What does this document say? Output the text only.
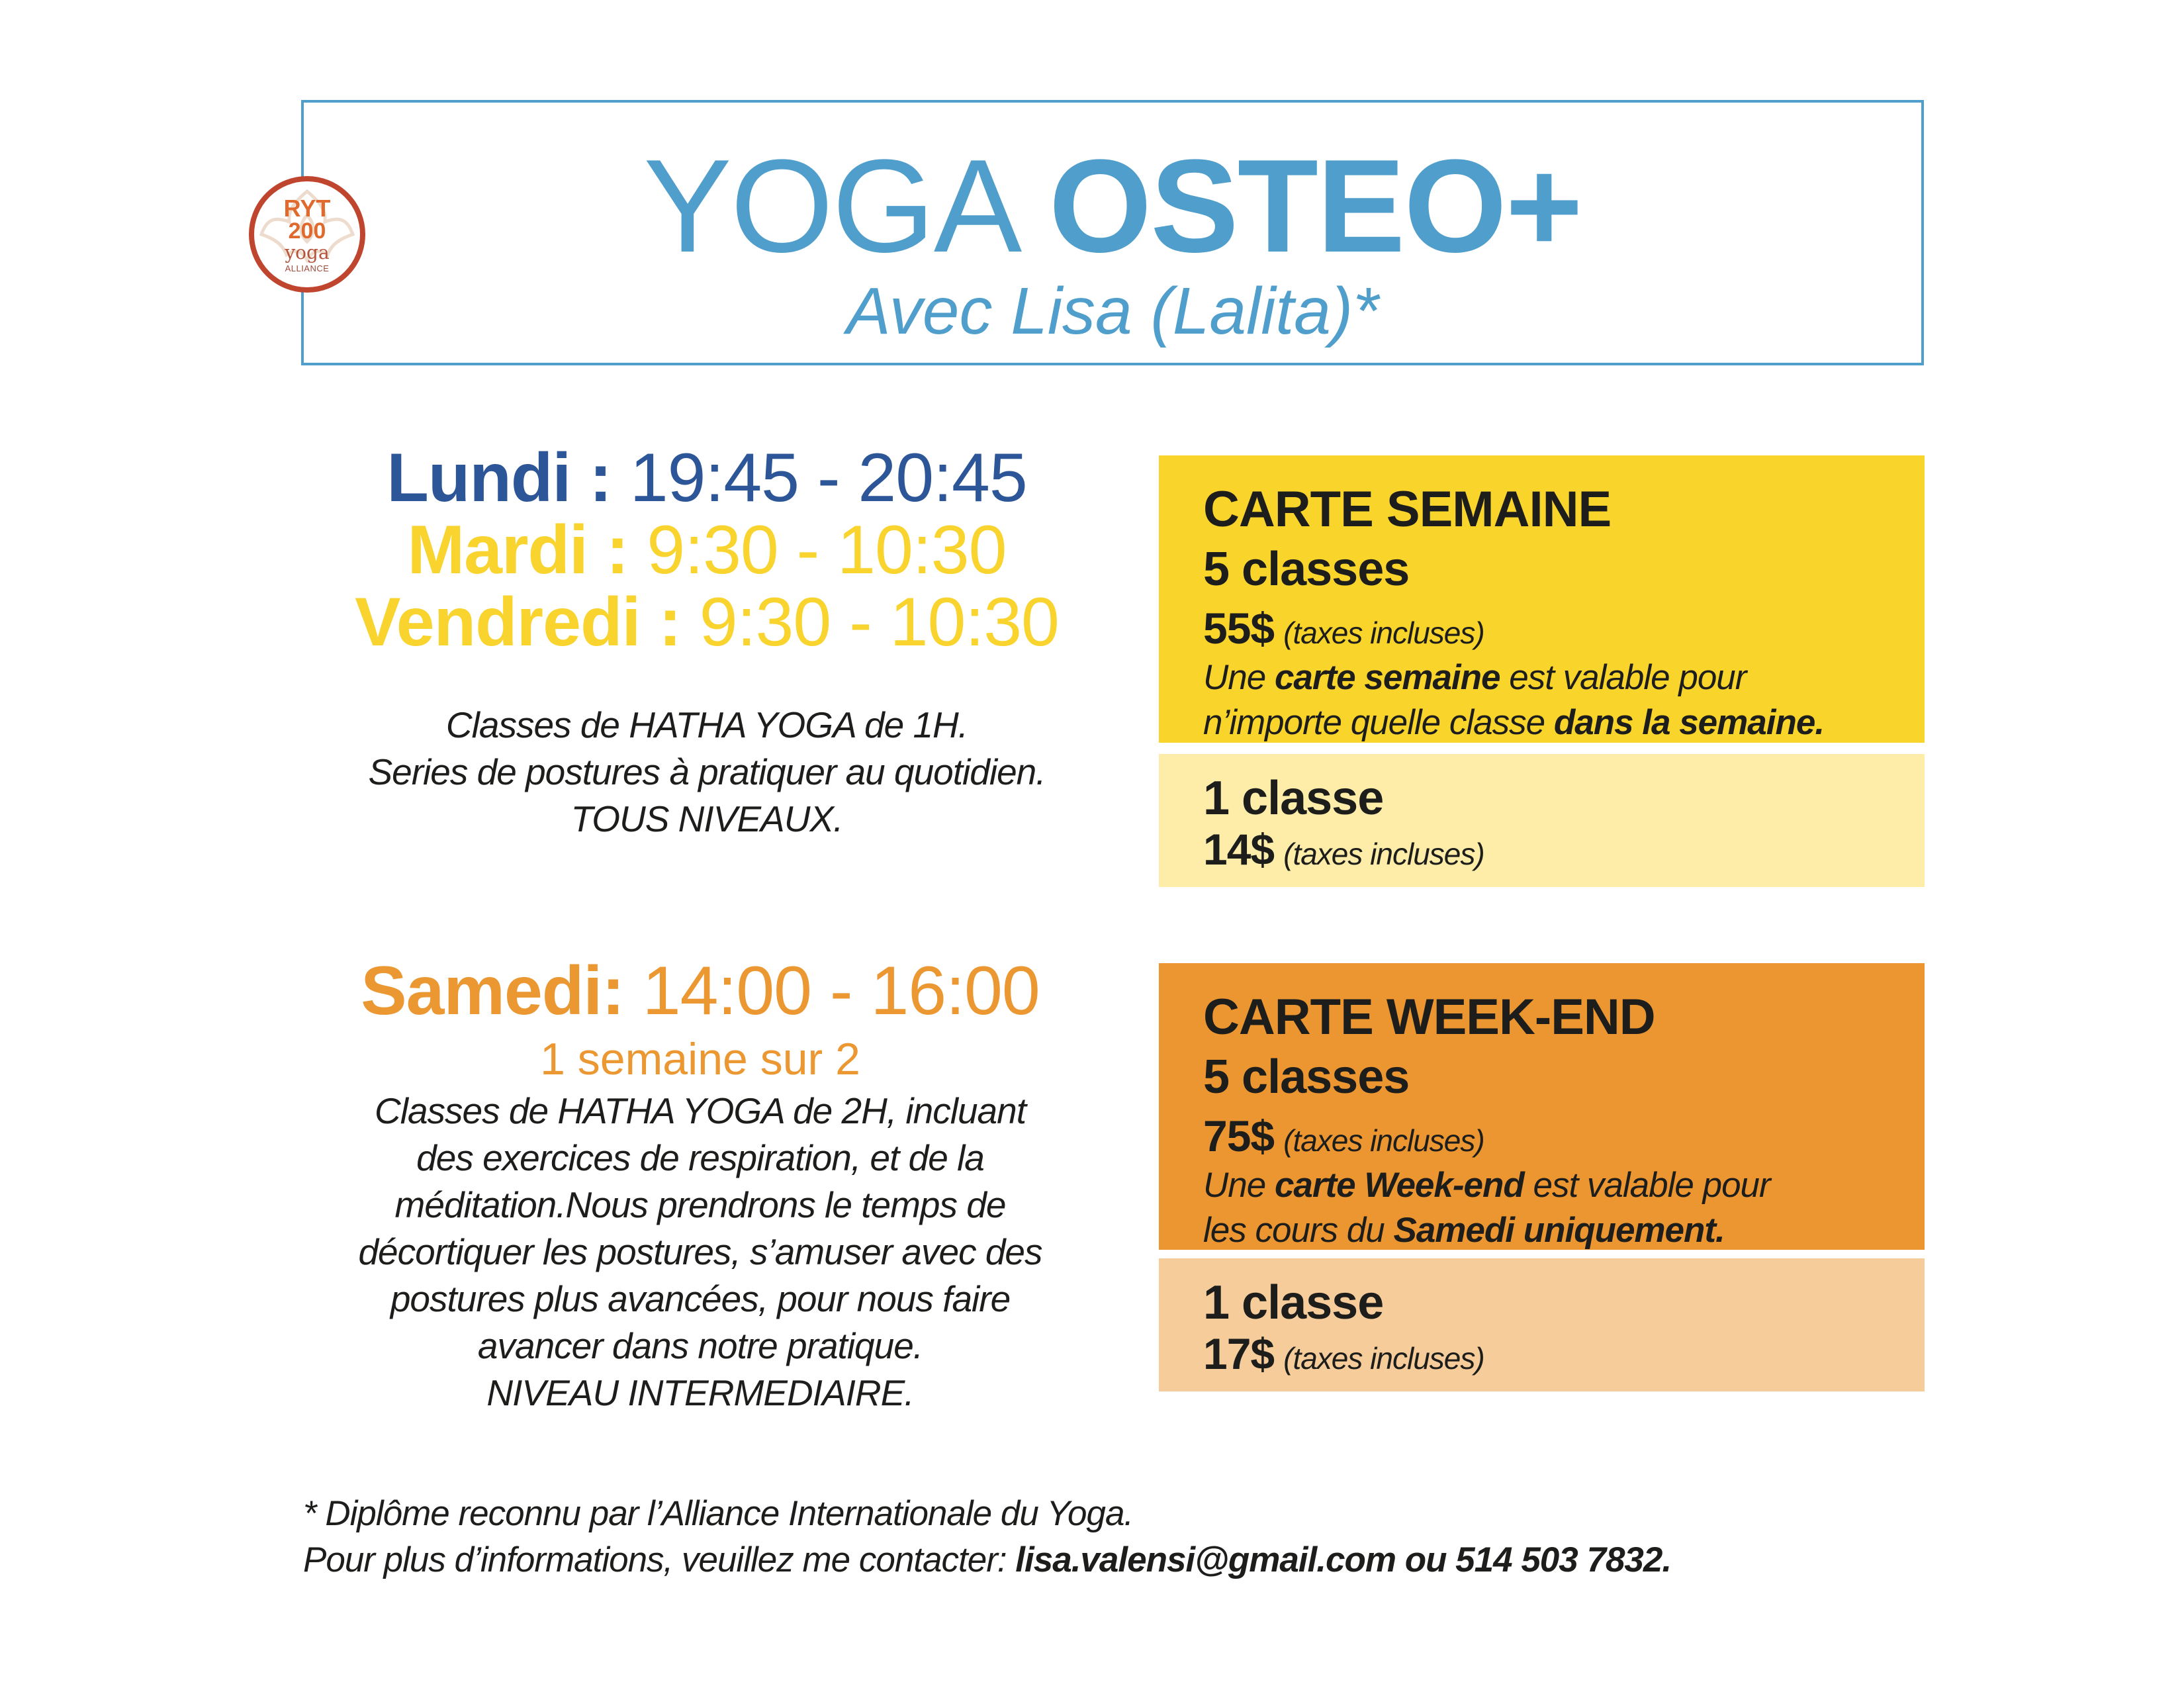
RYT
200
yoga
ALLIANCE	YOGA OSTEO+
Avec Lisa (Lalita)*
Lundi : 19:45 - 20:45
Mardi : 9:30 - 10:30
Vendredi : 9:30 - 10:30
Classes de HATHA YOGA de 1H.
Series de postures à pratiquer au quotidien.
TOUS NIVEAUX.
Samedi: 14:00 - 16:00
1 semaine sur 2
Classes de HATHA YOGA de 2H, incluant
des exercices de respiration, et de la
méditation.Nous prendrons le temps de
décortiquer les postures, s’amuser avec des
postures plus avancées, pour nous faire
avancer dans notre pratique.
NIVEAU INTERMEDIAIRE.
CARTE SEMAINE
5 classes
55$ (taxes incluses)
Une carte semaine est valable pour
n’importe quelle classe dans la semaine.
1 classe
14$ (taxes incluses)
CARTE WEEK-END
5 classes
75$ (taxes incluses)
Une carte Week-end est valable pour
les cours du Samedi uniquement.
1 classe
17$ (taxes incluses)
* Diplôme reconnu par l’Alliance Internationale du Yoga.
Pour plus d’informations, veuillez me contacter: lisa.valensi@gmail.com ou 514 503 7832.
